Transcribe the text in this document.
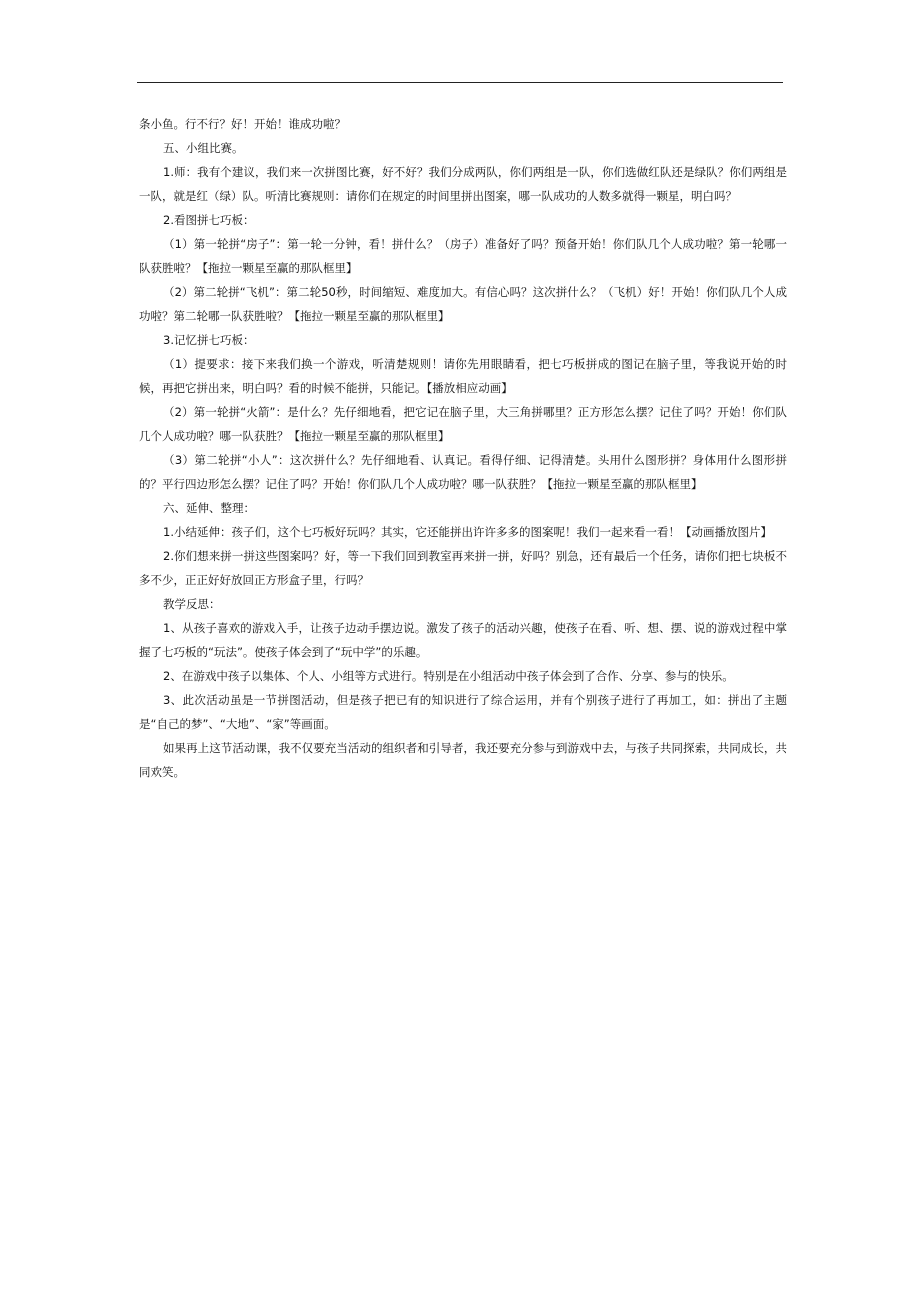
条小鱼。行不行？好！开始！谁成功啦？

五、小组比赛。

1.师：我有个建议，我们来一次拼图比赛，好不好？我们分成两队，你们两组是一队，你们选做红队还是绿队？你们两组是一队，就是红（绿）队。听清比赛规则：请你们在规定的时间里拼出图案，哪一队成功的人数多就得一颗星，明白吗？

2.看图拼七巧板：

（1）第一轮拼“房子”：第一轮一分钟，看！拼什么？（房子）准备好了吗？预备开始！你们队几个人成功啦？第一轮哪一队获胜啦？【拖拉一颗星至赢的那队框里】

（2）第二轮拼“飞机”：第二轮50秒，时间缩短、难度加大。有信心吗？这次拼什么？（飞机）好！开始！你们队几个人成功啦？第二轮哪一队获胜啦？【拖拉一颗星至赢的那队框里】

3.记忆拼七巧板：

（1）提要求：接下来我们换一个游戏，听清楚规则！请你先用眼睛看，把七巧板拼成的图记在脑子里，等我说开始的时候，再把它拼出来，明白吗？看的时候不能拼，只能记。【播放相应动画】

（2）第一轮拼“火箭”：是什么？先仔细地看，把它记在脑子里，大三角拼哪里？正方形怎么摆？记住了吗？开始！你们队几个人成功啦？哪一队获胜？【拖拉一颗星至赢的那队框里】

（3）第二轮拼“小人”：这次拼什么？先仔细地看、认真记。看得仔细、记得清楚。头用什么图形拼？身体用什么图形拼的？平行四边形怎么摆？记住了吗？开始！你们队几个人成功啦？哪一队获胜？【拖拉一颗星至赢的那队框里】

六、延伸、整理：

1.小结延伸：孩子们，这个七巧板好玩吗？其实，它还能拼出许许多多的图案呢！我们一起来看一看！【动画播放图片】

2.你们想来拼一拼这些图案吗？好，等一下我们回到教室再来拼一拼，好吗？别急，还有最后一个任务，请你们把七块板不多不少，正正好好放回正方形盒子里，行吗？

教学反思：

1、从孩子喜欢的游戏入手，让孩子边动手摆边说。激发了孩子的活动兴趣，使孩子在看、听、想、摆、说的游戏过程中掌握了七巧板的“玩法”。使孩子体会到了“玩中学”的乐趣。

2、在游戏中孩子以集体、个人、小组等方式进行。特别是在小组活动中孩子体会到了合作、分享、参与的快乐。

3、此次活动虽是一节拼图活动，但是孩子把已有的知识进行了综合运用，并有个别孩子进行了再加工，如：拼出了主题是“自己的梦”、“大地”、“家”等画面。

如果再上这节活动课，我不仅要充当活动的组织者和引导者，我还要充分参与到游戏中去，与孩子共同探索，共同成长，共同欢笑。
